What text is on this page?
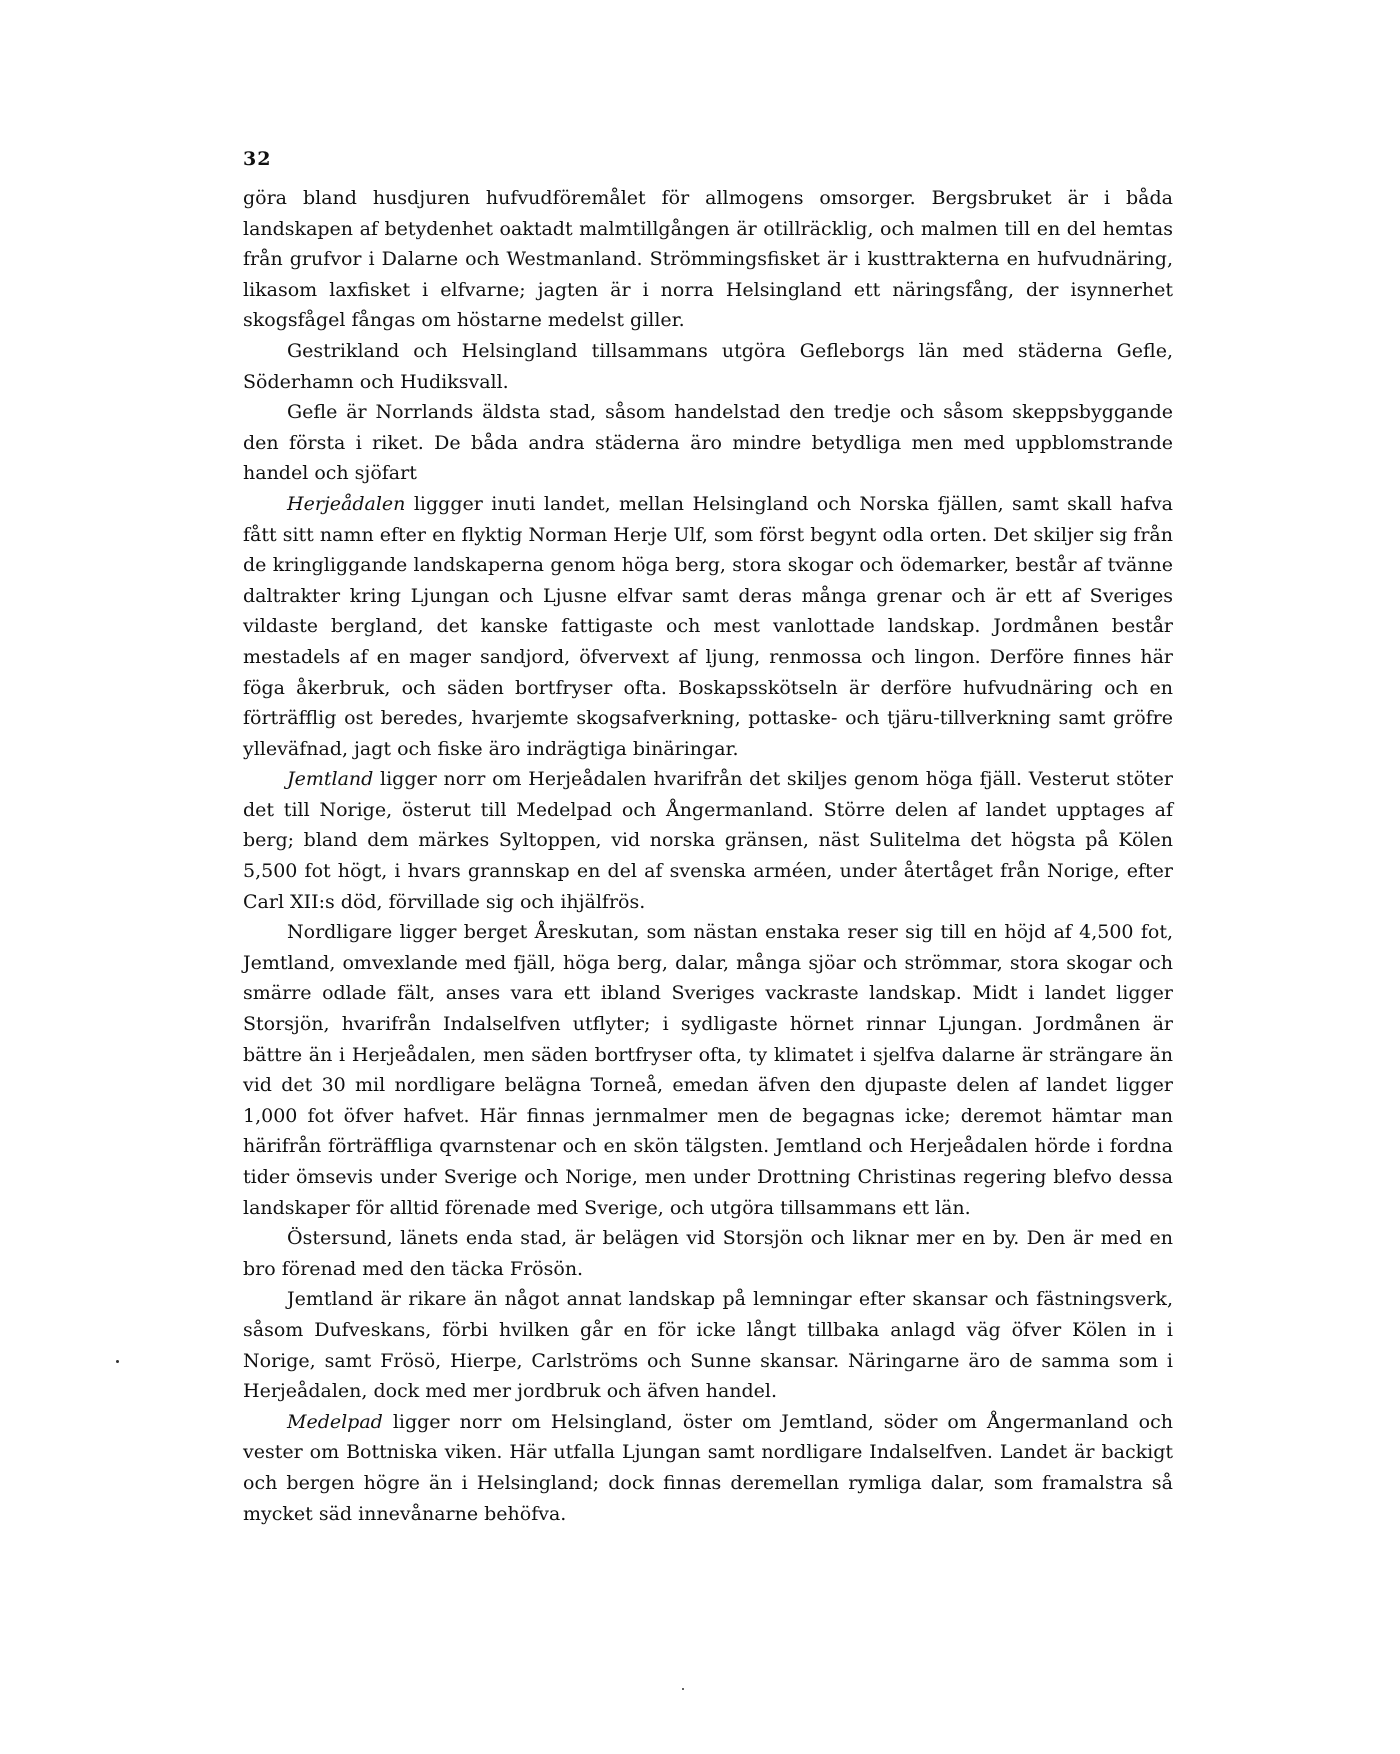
32

göra bland husdjuren hufvudföremålet för allmogens omsorger. Bergsbruket är i båda landskapen af betydenhet oaktadt malmtillgången är otillräcklig, och malmen till en del hemtas från grufvor i Dalarne och Westmanland. Strömmingsfisket är i kusttrakterna en hufvudnäring, likasom laxfisket i elfvarne; jagten är i norra Helsingland ett näringsfång, der isynnerhet skogsfågel fångas om höstarne medelst giller.

Gestrikland och Helsingland tillsammans utgöra Gefleborgs län med städerna Gefle, Söderhamn och Hudiksvall.

Gefle är Norrlands äldsta stad, såsom handelstad den tredje och såsom skeppsbyggande den första i riket. De båda andra städerna äro mindre betydliga men med uppblomstrande handel och sjöfart

Herjeådalen liggger inuti landet, mellan Helsingland och Norska fjällen, samt skall hafva fått sitt namn efter en flyktig Norman Herje Ulf, som först begynt odla orten. Det skiljer sig från de kringliggande landskaperna genom höga berg, stora skogar och ödemarker, består af tvänne daltrakter kring Ljungan och Ljusne elfvar samt deras många grenar och är ett af Sveriges vildaste bergland, det kanske fattigaste och mest vanlottade landskap. Jordmånen består mestadels af en mager sandjord, öfvervext af ljung, renmossa och lingon. Derföre finnes här föga åkerbruk, och säden bortfryser ofta. Boskapsskötseln är derföre hufvudnäring och en förträfflig ost beredes, hvarjemte skogsafverkning, pottaske- och tjäru-tillverkning samt gröfre ylleväfnad, jagt och fiske äro indrägtiga binäringar.

Jemtland ligger norr om Herjeådalen hvarifrån det skiljes genom höga fjäll. Vesterut stöter det till Norige, österut till Medelpad och Ångermanland. Större delen af landet upptages af berg; bland dem märkes Syltoppen, vid norska gränsen, näst Sulitelma det högsta på Kölen 5,500 fot högt, i hvars grannskap en del af svenska arméen, under återtåget från Norige, efter Carl XII:s död, förvillade sig och ihjälfrös.

Nordligare ligger berget Åreskutan, som nästan enstaka reser sig till en höjd af 4,500 fot, Jemtland, omvexlande med fjäll, höga berg, dalar, många sjöar och strömmar, stora skogar och smärre odlade fält, anses vara ett ibland Sveriges vackraste landskap. Midt i landet ligger Storsjön, hvarifrån Indalselfven utflyter; i sydligaste hörnet rinnar Ljungan. Jordmånen är bättre än i Herjeådalen, men säden bortfryser ofta, ty klimatet i sjelfva dalarne är strängare än vid det 30 mil nordligare belägna Torneå, emedan äfven den djupaste delen af landet ligger 1,000 fot öfver hafvet. Här finnas jernmalmer men de begagnas icke; deremot hämtar man härifrån förträffliga qvarnstenar och en skön tälgsten. Jemtland och Herjeådalen hörde i fordna tider ömsevis under Sverige och Norige, men under Drottning Christinas regering blefvo dessa landskaper för alltid förenade med Sverige, och utgöra tillsammans ett län.

Östersund, länets enda stad, är belägen vid Storsjön och liknar mer en by. Den är med en bro förenad med den täcka Frösön.

Jemtland är rikare än något annat landskap på lemningar efter skansar och fästningsverk, såsom Dufveskans, förbi hvilken går en för icke långt tillbaka anlagd väg öfver Kölen in i Norige, samt Frösö, Hierpe, Carlströms och Sunne skansar. Näringarne äro de samma som i Herjeådalen, dock med mer jordbruk och äfven handel.

Medelpad ligger norr om Helsingland, öster om Jemtland, söder om Ångermanland och vester om Bottniska viken. Här utfalla Ljungan samt nordligare Indalselfven. Landet är backigt och bergen högre än i Helsingland; dock finnas deremellan rymliga dalar, som framalstra så mycket säd innevånarne behöfva.
